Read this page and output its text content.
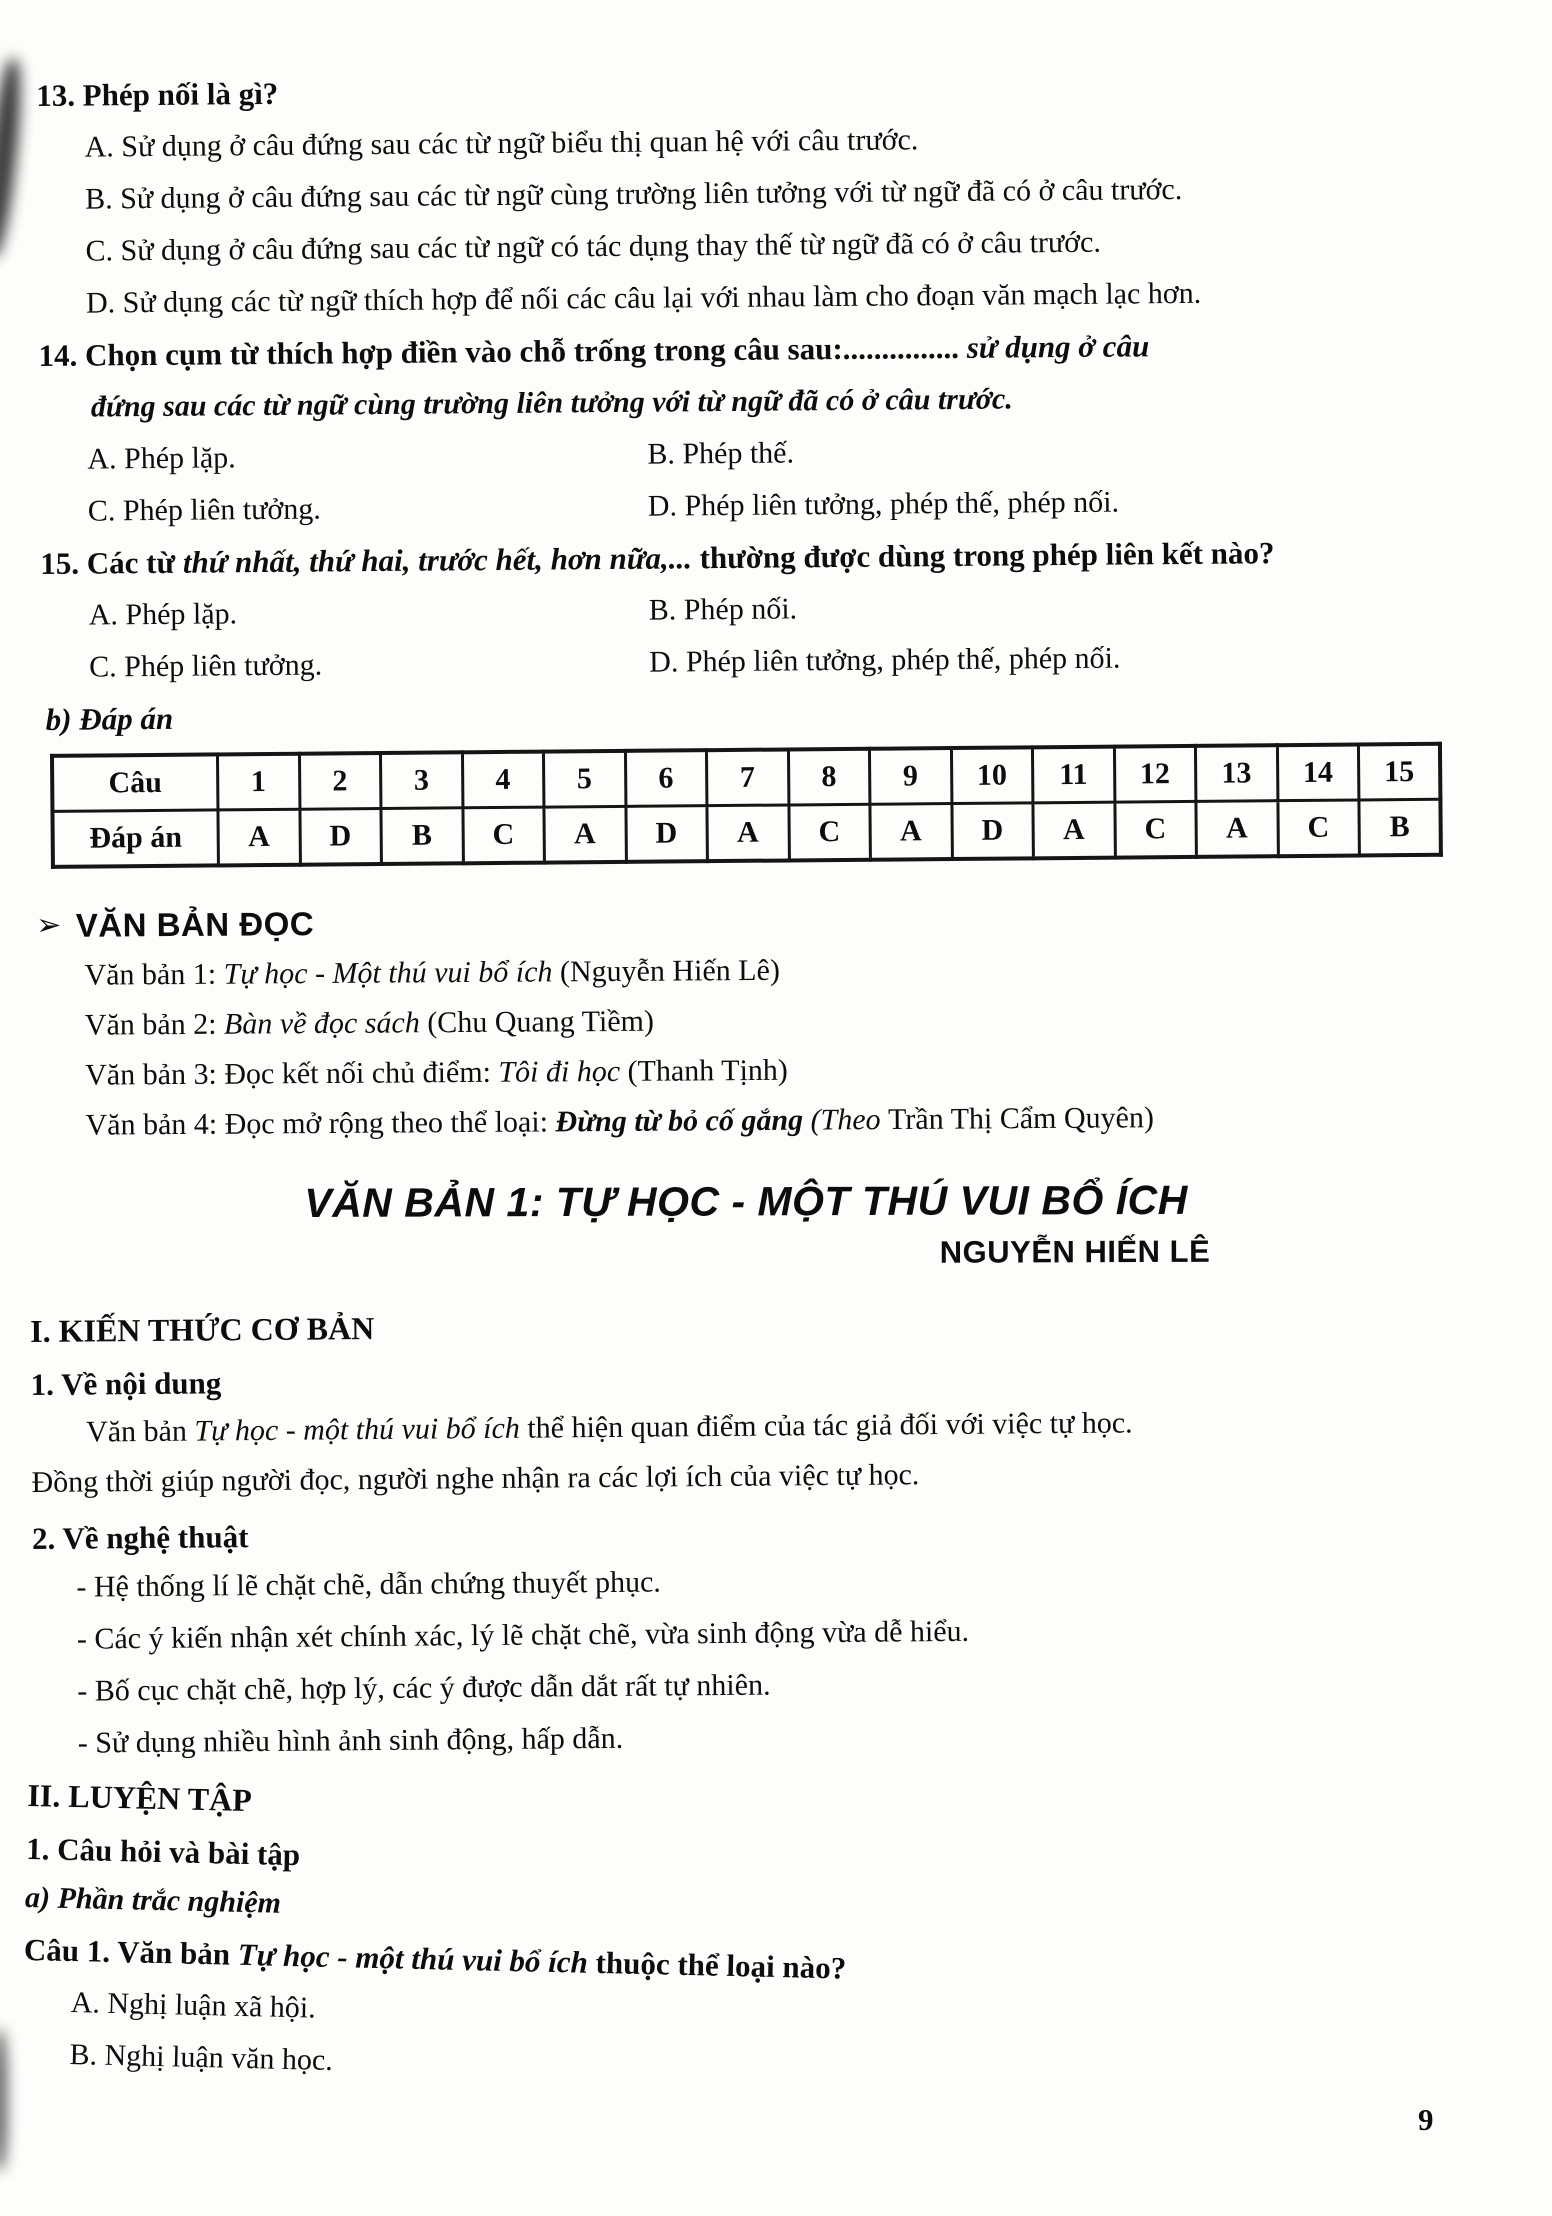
13. Phép nối là gì?
A. Sử dụng ở câu đứng sau các từ ngữ biểu thị quan hệ với câu trước.
B. Sử dụng ở câu đứng sau các từ ngữ cùng trường liên tưởng với từ ngữ đã có ở câu trước.
C. Sử dụng ở câu đứng sau các từ ngữ có tác dụng thay thế từ ngữ đã có ở câu trước.
D. Sử dụng các từ ngữ thích hợp để nối các câu lại với nhau làm cho đoạn văn mạch lạc hơn.
14. Chọn cụm từ thích hợp điền vào chỗ trống trong câu sau:............... sử dụng ở câu
đứng sau các từ ngữ cùng trường liên tưởng với từ ngữ đã có ở câu trước.
A. Phép lặp.	B. Phép thế.
C. Phép liên tưởng.	D. Phép liên tưởng, phép thế, phép nối.
15. Các từ thứ nhất, thứ hai, trước hết, hơn nữa,... thường được dùng trong phép liên kết nào?
A. Phép lặp.	B. Phép nối.
C. Phép liên tưởng.	D. Phép liên tưởng, phép thế, phép nối.
b) Đáp án
Câu	1	2	3	4	5	6	7	8	9	10	11	12	13	14	15
Đáp án	A	D	B	C	A	D	A	C	A	D	A	C	A	C	B
➢ VĂN BẢN ĐỌC
Văn bản 1: Tự học - Một thú vui bổ ích (Nguyễn Hiến Lê)
Văn bản 2: Bàn về đọc sách (Chu Quang Tiềm)
Văn bản 3: Đọc kết nối chủ điểm: Tôi đi học (Thanh Tịnh)
Văn bản 4: Đọc mở rộng theo thể loại: Đừng từ bỏ cố gắng (Theo Trần Thị Cẩm Quyên)
VĂN BẢN 1: TỰ HỌC - MỘT THÚ VUI BỔ ÍCH
NGUYỄN HIẾN LÊ
I. KIẾN THỨC CƠ BẢN
1. Về nội dung
Văn bản Tự học - một thú vui bổ ích thể hiện quan điểm của tác giả đối với việc tự học.
Đồng thời giúp người đọc, người nghe nhận ra các lợi ích của việc tự học.
2. Về nghệ thuật
- Hệ thống lí lẽ chặt chẽ, dẫn chứng thuyết phục.
- Các ý kiến nhận xét chính xác, lý lẽ chặt chẽ, vừa sinh động vừa dễ hiểu.
- Bố cục chặt chẽ, hợp lý, các ý được dẫn dắt rất tự nhiên.
- Sử dụng nhiều hình ảnh sinh động, hấp dẫn.
II. LUYỆN TẬP
1. Câu hỏi và bài tập
a) Phần trắc nghiệm
Câu 1. Văn bản Tự học - một thú vui bổ ích thuộc thể loại nào?
A. Nghị luận xã hội.
B. Nghị luận văn học.
9
